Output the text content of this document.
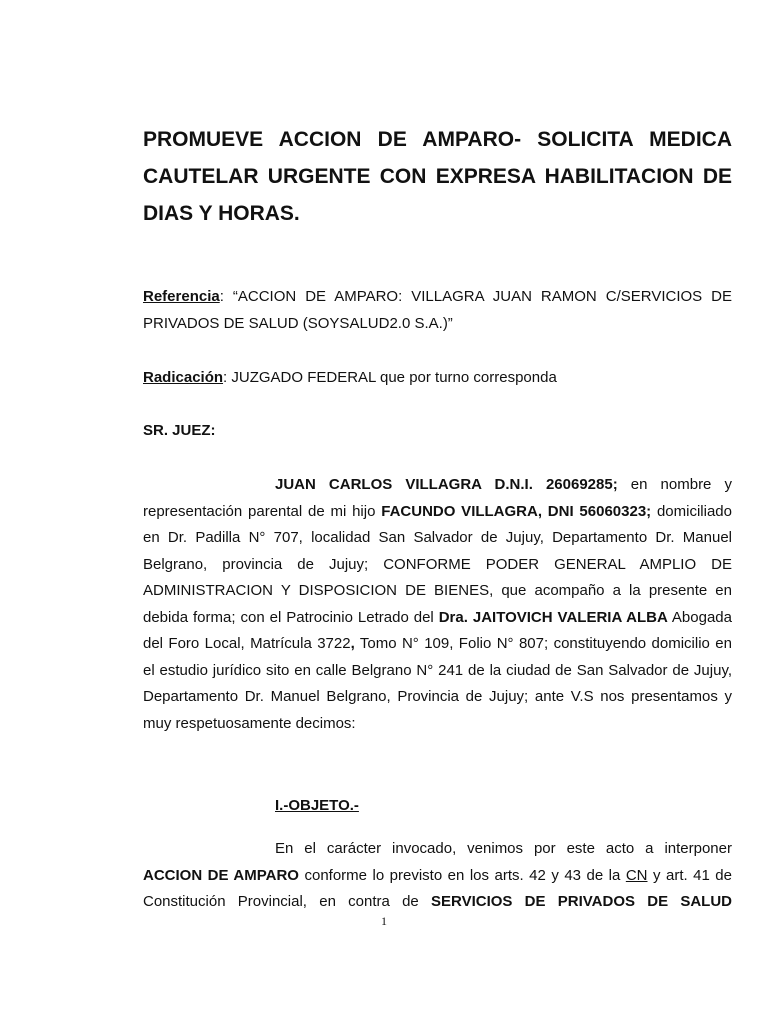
PROMUEVE ACCION DE AMPARO- SOLICITA MEDICA
CAUTELAR URGENTE CON EXPRESA HABILITACION DE
DIAS Y HORAS.

Referencia: “ACCION DE AMPARO: VILLAGRA JUAN RAMON C/SERVICIOS DE
PRIVADOS DE SALUD (SOYSALUD2.0 S.A.)”

Radicación: JUZGADO FEDERAL que por turno corresponda

SR. JUEZ:

JUAN CARLOS VILLAGRA D.N.I. 26069285; en nombre y
representación parental de mi hijo FACUNDO VILLAGRA, DNI 56060323; domiciliado
en Dr. Padilla N° 707, localidad San Salvador de Jujuy, Departamento Dr. Manuel
Belgrano, provincia de Jujuy; CONFORME PODER GENERAL AMPLIO DE
ADMINISTRACION Y DISPOSICION DE BIENES, que acompaño a la presente en
debida forma; con el Patrocinio Letrado del Dra. JAITOVICH VALERIA ALBA Abogada
del Foro Local, Matrícula 3722, Tomo N° 109, Folio N° 807; constituyendo domicilio en
el estudio jurídico sito en calle Belgrano N° 241 de la ciudad de San Salvador de Jujuy,
Departamento Dr. Manuel Belgrano, Provincia de Jujuy; ante V.S nos presentamos y
muy respetuosamente decimos:

I.-OBJETO.-

En el carácter invocado, venimos por este acto a interponer
ACCION DE AMPARO conforme lo previsto en los arts. 42 y 43 de la CN y art. 41 de
Constitución Provincial, en contra de SERVICIOS DE PRIVADOS DE SALUD

1
